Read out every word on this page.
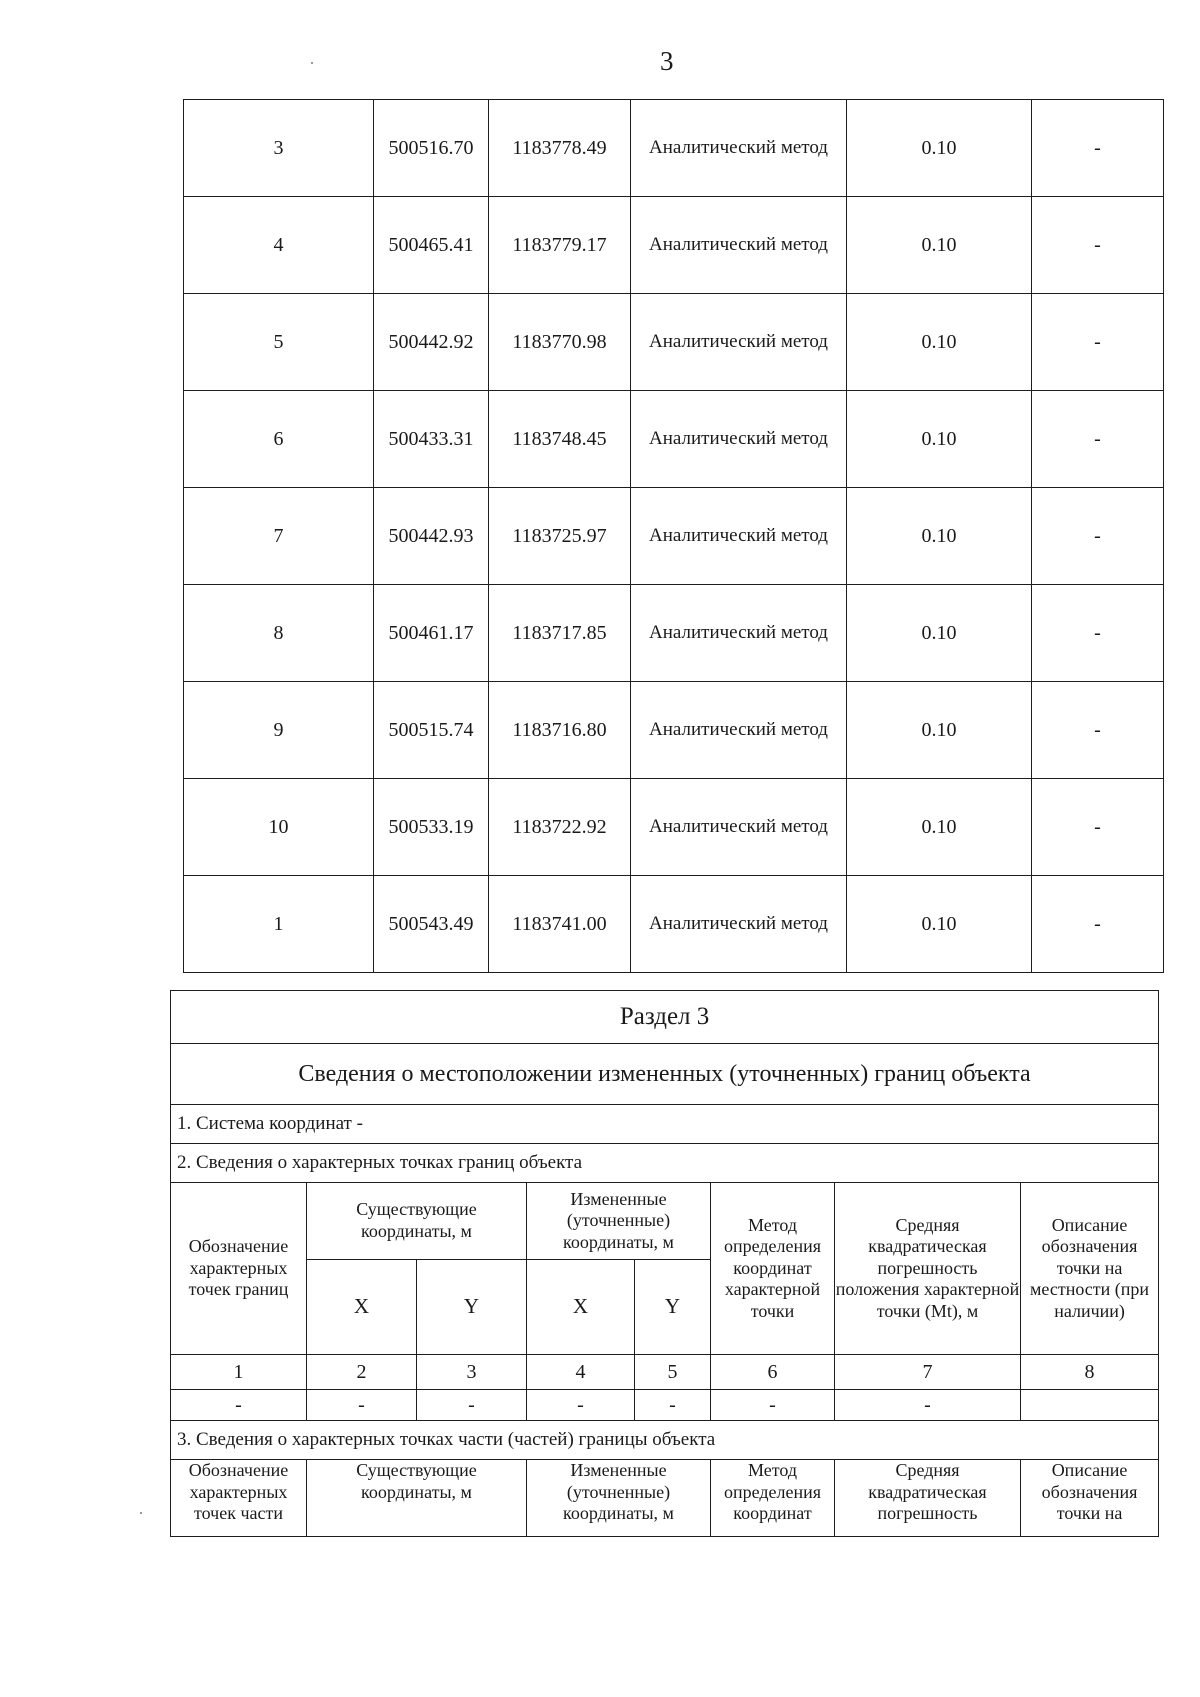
3
3	500516.70	1183778.49	Аналитический метод	0.10	-
4	500465.41	1183779.17	Аналитический метод	0.10	-
5	500442.92	1183770.98	Аналитический метод	0.10	-
6	500433.31	1183748.45	Аналитический метод	0.10	-
7	500442.93	1183725.97	Аналитический метод	0.10	-
8	500461.17	1183717.85	Аналитический метод	0.10	-
9	500515.74	1183716.80	Аналитический метод	0.10	-
10	500533.19	1183722.92	Аналитический метод	0.10	-
1	500543.49	1183741.00	Аналитический метод	0.10	-
Раздел 3							
Сведения о местоположении измененных (уточненных) границ объекта							
1. Система координат -							
2. Сведения о характерных точках границ объекта							
Обозначение характерных точек границ	Существующие координаты, м		Измененные (уточненные) координаты, м		Метод определения координат характерной точки	Средняя квадратическая погрешность положения характерной точки (Mt), м	Описание обозначения точки на местности (при наличии)
	X	Y	X	Y			
1	2	3	4	5	6	7	8
-	-	-	-	-	-	-	
3. Сведения о характерных точках части (частей) границы объекта							
Обозначение характерных точек части	Существующие координаты, м		Измененные (уточненные) координаты, м		Метод определения координат	Средняя квадратическая погрешность	Описание обозначения точки на
